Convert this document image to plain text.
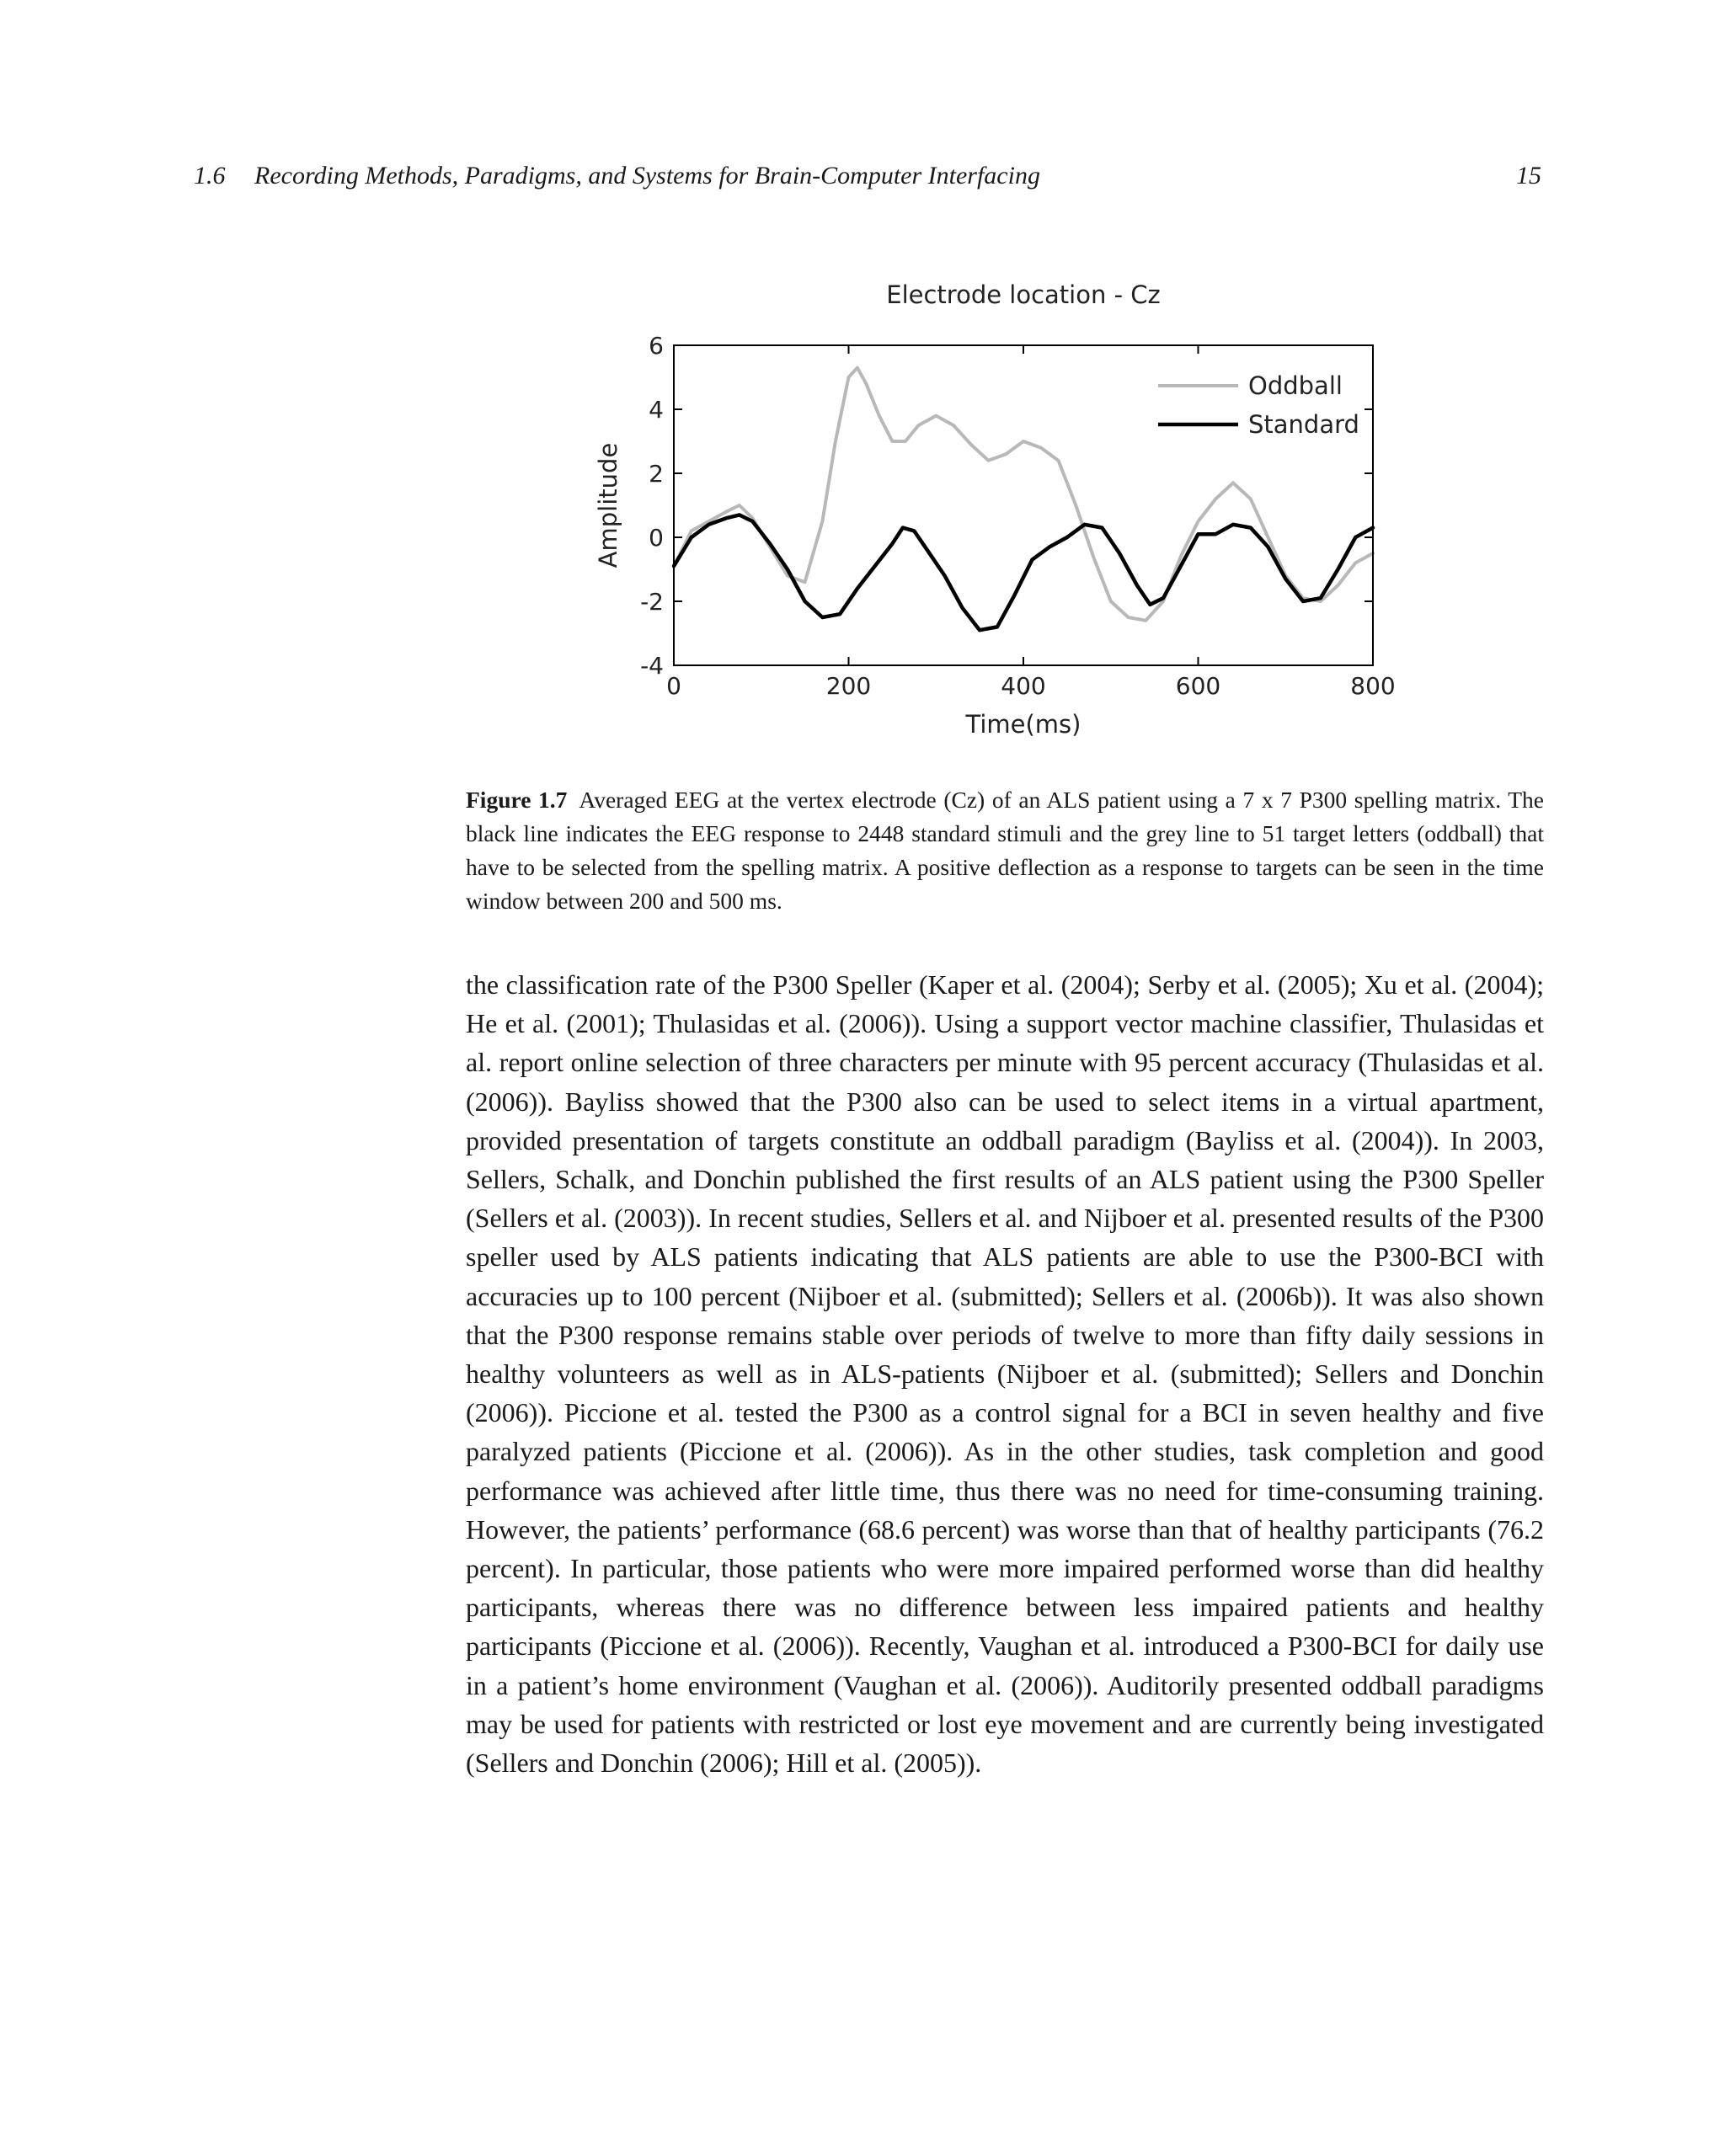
1.6 Recording Methods, Paradigms, and Systems for Brain-Computer Interfacing	15
Electrode location - Cz
-4
-2
0
2
4
6
0	200	400	600	800
Time(ms)
Amplitude
Oddball
Standard
Figure 1.7 Averaged EEG at the vertex electrode (Cz) of an ALS patient using a 7 x 7 P300 spelling matrix. The black line indicates the EEG response to 2448 standard stimuli and the grey line to 51 target letters (oddball) that have to be selected from the spelling matrix. A positive deflection as a response to targets can be seen in the time window between 200 and 500 ms.

the classification rate of the P300 Speller (Kaper et al. (2004); Serby et al. (2005); Xu et al. (2004); He et al. (2001); Thulasidas et al. (2006)). Using a support vector machine classifier, Thulasidas et al. report online selection of three characters per minute with 95 percent accuracy (Thulasidas et al. (2006)). Bayliss showed that the P300 also can be used to select items in a virtual apartment, provided presentation of targets constitute an oddball paradigm (Bayliss et al. (2004)). In 2003, Sellers, Schalk, and Donchin published the first results of an ALS patient using the P300 Speller (Sellers et al. (2003)). In recent studies, Sellers et al. and Nijboer et al. presented results of the P300 speller used by ALS patients indicating that ALS patients are able to use the P300-BCI with accuracies up to 100 percent (Nijboer et al. (submitted); Sellers et al. (2006b)). It was also shown that the P300 response remains stable over periods of twelve to more than fifty daily sessions in healthy volunteers as well as in ALS-patients (Nijboer et al. (submitted); Sellers and Donchin (2006)). Piccione et al. tested the P300 as a control signal for a BCI in seven healthy and five paralyzed patients (Piccione et al. (2006)). As in the other studies, task completion and good performance was achieved after little time, thus there was no need for time-consuming training. However, the patients’ performance (68.6 percent) was worse than that of healthy participants (76.2 percent). In particular, those patients who were more impaired performed worse than did healthy participants, whereas there was no difference between less impaired patients and healthy participants (Piccione et al. (2006)). Recently, Vaughan et al. introduced a P300-BCI for daily use in a patient’s home environment (Vaughan et al. (2006)). Auditorily presented oddball paradigms may be used for patients with restricted or lost eye movement and are currently being investigated (Sellers and Donchin (2006); Hill et al. (2005)).
